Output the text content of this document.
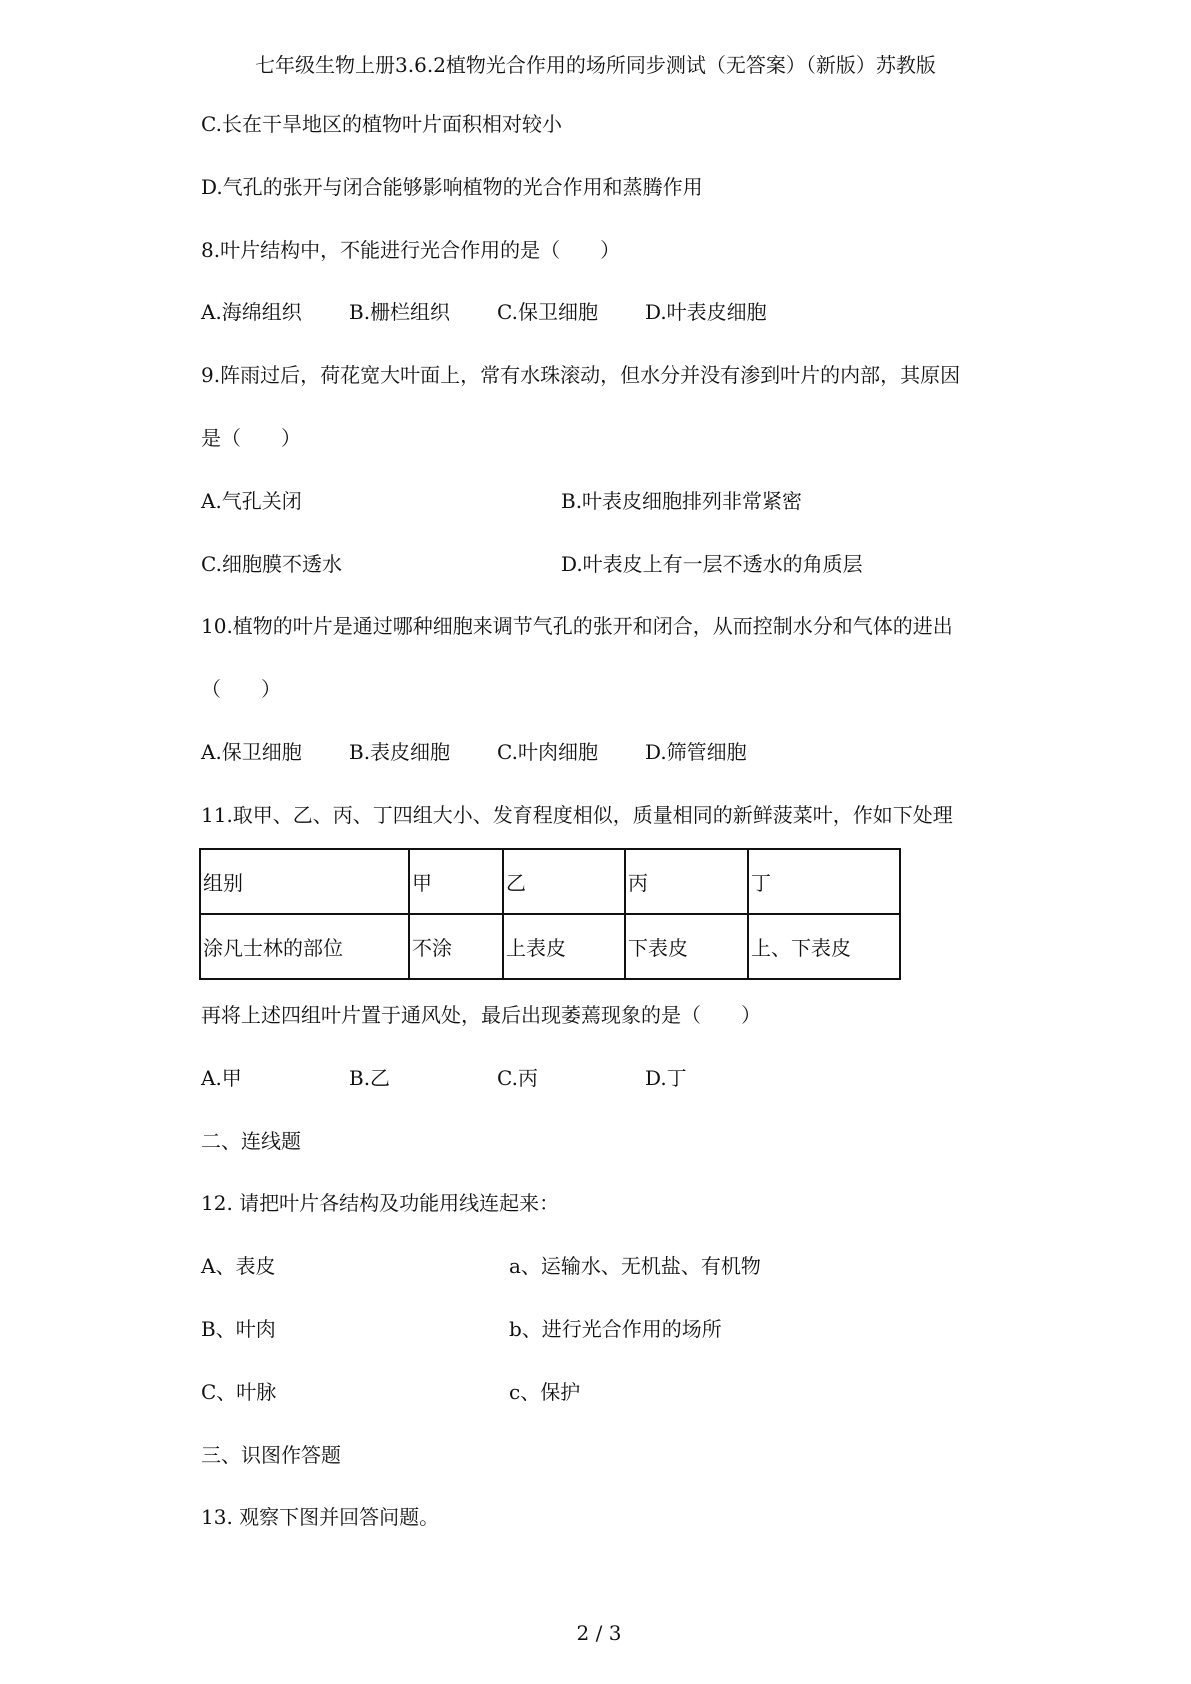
七年级生物上册3.6.2植物光合作用的场所同步测试（无答案）（新版）苏教版
C.长在干旱地区的植物叶片面积相对较小
D.气孔的张开与闭合能够影响植物的光合作用和蒸腾作用
8.叶片结构中，不能进行光合作用的是（　　）
A.海绵组织 B.栅栏组织 C.保卫细胞 D.叶表皮细胞
9.阵雨过后，荷花宽大叶面上，常有水珠滚动，但水分并没有渗到叶片的内部，其原因
是（　　）
A.气孔关闭	B.叶表皮细胞排列非常紧密
C.细胞膜不透水	D.叶表皮上有一层不透水的角质层
10.植物的叶片是通过哪种细胞来调节气孔的张开和闭合，从而控制水分和气体的进出
（　　）
A.保卫细胞 B.表皮细胞 C.叶肉细胞 D.筛管细胞
11.取甲、乙、丙、丁四组大小、发育程度相似，质量相同的新鲜菠菜叶，作如下处理
组别	甲	乙	丙	丁
涂凡士林的部位	不涂	上表皮	下表皮	上、下表皮
再将上述四组叶片置于通风处，最后出现萎蔫现象的是（　　）
A.甲	B.乙	C.丙	D.丁
二、连线题
12. 请把叶片各结构及功能用线连起来：
A、表皮	a、运输水、无机盐、有机物
B、叶肉	b、进行光合作用的场所
C、叶脉	c、保护
三、识图作答题
13. 观察下图并回答问题。
2 / 3
